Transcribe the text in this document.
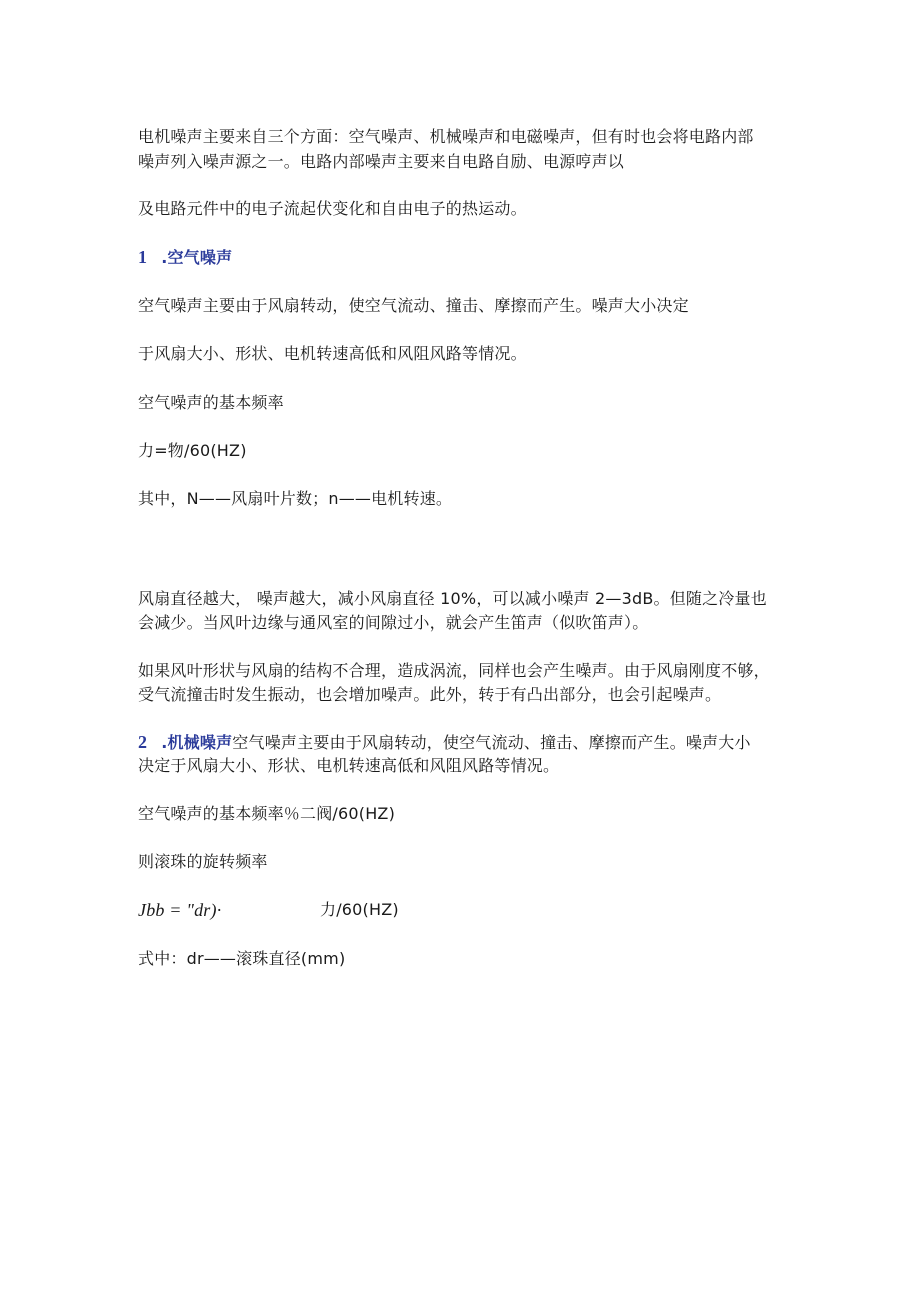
电机噪声主要来自三个方面：空气噪声、机械噪声和电磁噪声，但有时也会将电路内部
噪声列入噪声源之一。电路内部噪声主要来自电路自励、电源哼声以
及电路元件中的电子流起伏变化和自由电子的热运动。
1 .空气噪声
空气噪声主要由于风扇转动，使空气流动、撞击、摩擦而产生。噪声大小决定
于风扇大小、形状、电机转速高低和风阻风路等情况。
空气噪声的基本频率
力=物/60(HZ)
其中，N——风扇叶片数；n——电机转速。
风扇直径越大， 噪声越大，减小风扇直径 10%，可以减小噪声 2—3dB。但随之冷量也
会减少。当风叶边缘与通风室的间隙过小，就会产生笛声（似吹笛声）。
如果风叶形状与风扇的结构不合理，造成涡流，同样也会产生噪声。由于风扇刚度不够，
受气流撞击时发生振动，也会增加噪声。此外，转于有凸出部分，也会引起噪声。
2 .机械噪声空气噪声主要由于风扇转动，使空气流动、撞击、摩擦而产生。噪声大小
决定于风扇大小、形状、电机转速高低和风阻风路等情况。
空气噪声的基本频率％二阀/60(HZ)
则滚珠的旋转频率
Jbb = "dr)·	力/60(HZ)
式中：dr——滚珠直径(mm)
